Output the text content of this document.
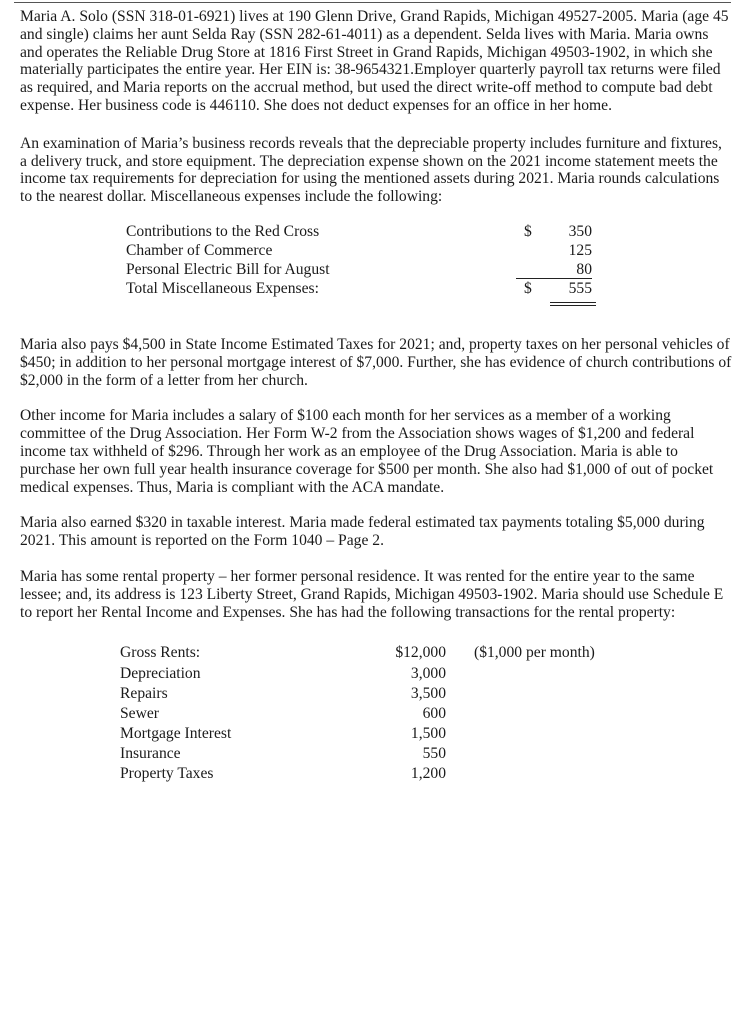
Maria A. Solo (SSN 318-01-6921) lives at 190 Glenn Drive, Grand Rapids, Michigan 49527-2005. Maria (age 45 and single) claims her aunt Selda Ray (SSN 282-61-4011) as a dependent. Selda lives with Maria. Maria owns and operates the Reliable Drug Store at 1816 First Street in Grand Rapids, Michigan 49503-1902, in which she materially participates the entire year. Her EIN is: 38-9654321.Employer quarterly payroll tax returns were filed as required, and Maria reports on the accrual method, but used the direct write-off method to compute bad debt expense. Her business code is 446110. She does not deduct expenses for an office in her home.

An examination of Maria’s business records reveals that the depreciable property includes furniture and fixtures, a delivery truck, and store equipment. The depreciation expense shown on the 2021 income statement meets the income tax requirements for depreciation for using the mentioned assets during 2021. Maria rounds calculations to the nearest dollar. Miscellaneous expenses include the following:

Contributions to the Red Cross	$ 350
Chamber of Commerce	125
Personal Electric Bill for August	80
Total Miscellaneous Expenses:	$ 555

Maria also pays $4,500 in State Income Estimated Taxes for 2021; and, property taxes on her personal vehicles of $450; in addition to her personal mortgage interest of $7,000. Further, she has evidence of church contributions of $2,000 in the form of a letter from her church.

Other income for Maria includes a salary of $100 each month for her services as a member of a working committee of the Drug Association. Her Form W-2 from the Association shows wages of $1,200 and federal income tax withheld of $296. Through her work as an employee of the Drug Association. Maria is able to purchase her own full year health insurance coverage for $500 per month. She also had $1,000 of out of pocket medical expenses. Thus, Maria is compliant with the ACA mandate.

Maria also earned $320 in taxable interest. Maria made federal estimated tax payments totaling $5,000 during 2021. This amount is reported on the Form 1040 – Page 2.

Maria has some rental property – her former personal residence. It was rented for the entire year to the same lessee; and, its address is 123 Liberty Street, Grand Rapids, Michigan 49503-1902. Maria should use Schedule E to report her Rental Income and Expenses. She has had the following transactions for the rental property:

Gross Rents:	$12,000 ($1,000 per month)
Depreciation	3,000
Repairs	3,500
Sewer	600
Mortgage Interest	1,500
Insurance	550
Property Taxes	1,200
